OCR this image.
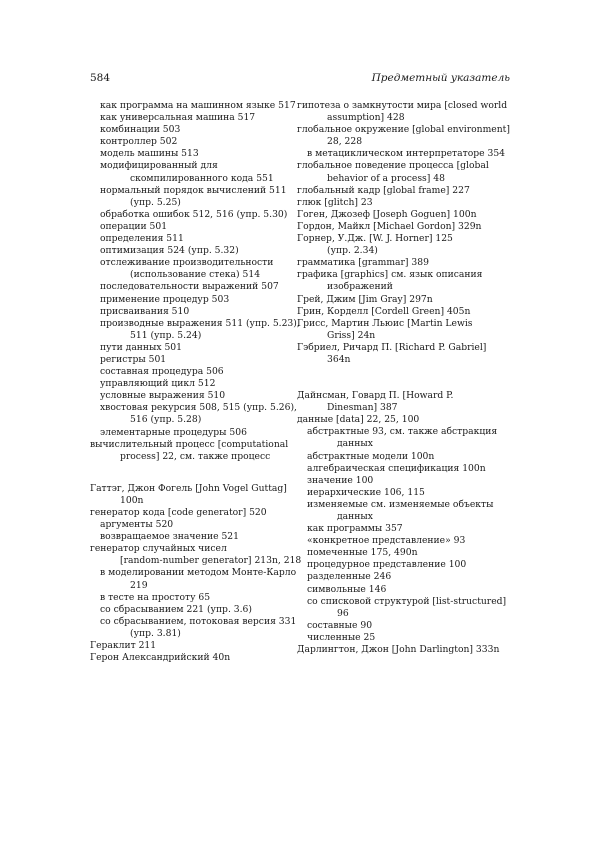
584	Предметный указатель
как программа на машинном языке 517
как универсальная машина 517
комбинации 503
контроллер 502
модель машины 513
модифицированный для
скомпилированного кода 551
нормальный порядок вычислений 511
(упр. 5.25)
обработка ошибок 512, 516 (упр. 5.30)
операции 501
определения 511
оптимизация 524 (упр. 5.32)
отслеживание производительности
(использование стека) 514
последовательности выражений 507
применение процедур 503
присваивания 510
производные выражения 511 (упр. 5.23),
511 (упр. 5.24)
пути данных 501
регистры 501
составная процедура 506
управляющий цикл 512
условные выражения 510
хвостовая рекурсия 508, 515 (упр. 5.26),
516 (упр. 5.28)
элементарные процедуры 506
вычислительный процесс [computational
process] 22, см. также процесс
Гаттэг, Джон Фогель [John Vogel Guttag]
100n
генератор кода [code generator] 520
аргументы 520
возвращаемое значение 521
генератор случайных чисел
[random-number generator] 213n, 218
в моделировании методом Монте-Карло
219
в тесте на простоту 65
со сбрасыванием 221 (упр. 3.6)
со сбрасыванием, потоковая версия 331
(упр. 3.81)
Гераклит 211
Герон Александрийский 40n
гипотеза о замкнутости мира [closed world
assumption] 428
глобальное окружение [global environment]
28, 228
в метациклическом интерпретаторе 354
глобальное поведение процесса [global
behavior of a process] 48
глобальный кадр [global frame] 227
глюк [glitch] 23
Гоген, Джозеф [Joseph Goguen] 100n
Гордон, Майкл [Michael Gordon] 329n
Горнер, У.Дж. [W. J. Horner] 125
(упр. 2.34)
грамматика [grammar] 389
графика [graphics] см. язык описания
изображений
Грей, Джим [Jim Gray] 297n
Грин, Корделл [Cordell Green] 405n
Грисс, Мартин Льюис [Martin Lewis
Griss] 24n
Гэбриел, Ричард П. [Richard P. Gabriel]
364n
Дайнсман, Говард П. [Howard P.
Dinesman] 387
данные [data] 22, 25, 100
абстрактные 93, см. также абстракция
данных
абстрактные модели 100n
алгебраическая спецификация 100n
значение 100
иерархические 106, 115
изменяемые см. изменяемые объекты
данных
как программы 357
«конкретное представление» 93
помеченные 175, 490n
процедурное представление 100
разделенные 246
символьные 146
со списковой структурой [list-structured]
96
составные 90
численные 25
Дарлингтон, Джон [John Darlington] 333n
